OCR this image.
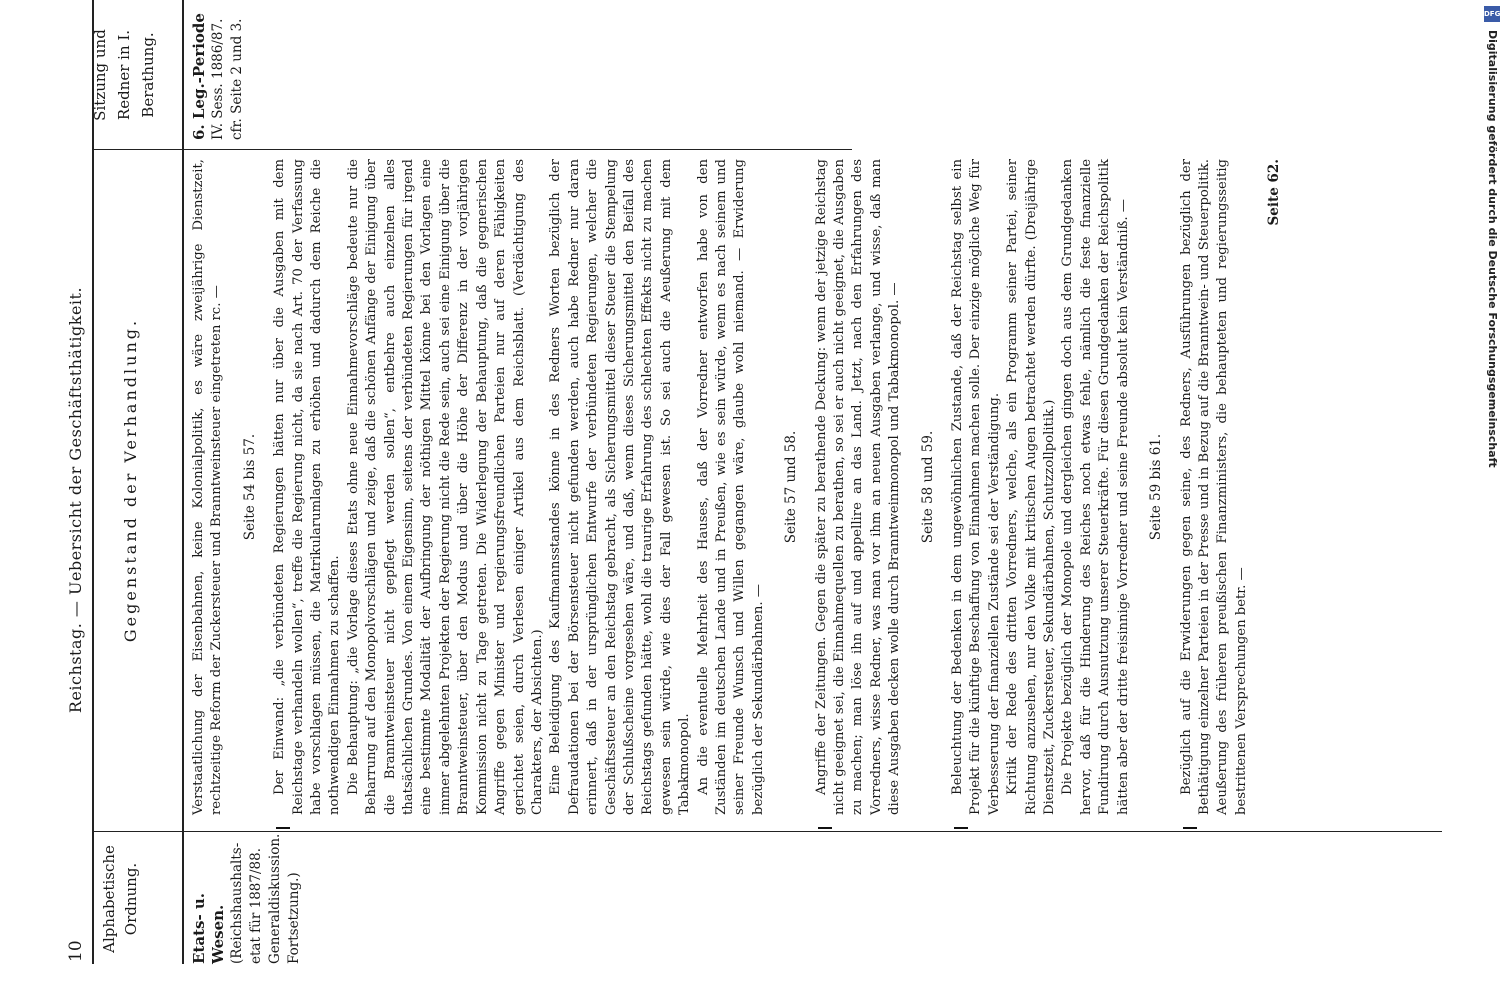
10
Reichstag. — Uebersicht der Geschäftsthätigkeit.
Alphabetische Ordnung.
Gegenstand der Verhandlung.
Sitzung und Redner in I. Berathung.
Etats- u. Wesen. (Reichshaushalts-etat für 1887/88. Generaldiskussion. Fortsetzung.)

Verstaatlichung der Eisenbahnen, keine Kolonialpolitik, es wäre zweijährige Dienstzeit, rechtzeitige Reform der Zuckersteuer und Branntweinsteuer eingetreten rc. — Seite 54 bis 57. Der Einwand: „die verbündeten Regierungen hätten nur über die Ausgaben mit dem Reichstage verhandeln wollen“, treffe die Regierung nicht, da sie nach Art. 70 der Verfassung habe vorschlagen müssen, die Matrikularumlagen zu erhöhen und dadurch dem Reiche die nothwendigen Einnahmen zu schaffen. Die Behauptung: „die Vorlage dieses Etats ohne neue Einnahmevorschläge bedeute nur die Beharrung auf den Monopolvorschlägen und zeige, daß die schönen Anfänge der Einigung über die Branntweinsteuer nicht gepflegt werden sollen“, entbehre auch einzelnen alles thatsächlichen Grundes. Von einem Eigensinn, seitens der verbündeten Regierungen für irgend eine bestimmte Modalität der Aufbringung der nöthigen Mittel könne bei den Vorlagen eine immer abgelehnten Projekten der Regierung nicht die Rede sein, auch sei eine Einigung über die Branntweinsteuer, über den Modus und über die Höhe der Differenz in der vorjährigen Kommission nicht zu Tage getreten. Die Widerlegung der Behauptung, daß die gegnerischen Angriffe gegen Minister und regierungsfreundlichen Parteien nur auf deren Fähigkeiten gerichtet seien, durch Verlesen einiger Artikel aus dem Reichsblatt. (Verdächtigung des Charakters, der Absichten.) Eine Beleidigung des Kaufmannsstandes könne in des Redners Worten bezüglich der Defraudationen bei der Börsensteuer nicht gefunden werden, auch habe Redner nur daran erinnert, daß in der ursprünglichen Entwurfe der verbündeten Regierungen, welcher die Geschäftssteuer an den Reichstag gebracht, als Sicherungsmittel dieser Steuer die Stempelung der Schlußscheine vorgesehen wäre, und daß, wenn dieses Sicherungsmittel den Beifall des Reichstags gefunden hätte, wohl die traurige Erfahrung des schlechten Effekts nicht zu machen gewesen sein würde, wie dies der Fall gewesen ist. So sei auch die Aeußerung mit dem Tabakmonopol. An die eventuelle Mehrheit des Hauses, daß der Vorredner entworfen habe von den Zuständen im deutschen Lande und in Preußen, wie es sein würde, wenn es nach seinem und seiner Freunde Wunsch und Willen gegangen wäre, glaube wohl niemand. — Erwiderung bezüglich der Sekundärbahnen. —

Seite 57 und 58. Angriffe der Zeitungen. Gegen die später zu berathende Deckung: wenn der jetzige Reichstag nicht geeignet sei, die Einnahmequellen zu berathen, so sei er auch nicht geeignet, die Ausgaben zu machen; man löse ihn auf und appellire an das Land. Jetzt, nach den Erfahrungen des Vorredners, wisse Redner, was man vor ihm an neuen Ausgaben verlange, und wisse, daß man diese Ausgaben decken wolle durch Branntweinmonopol und Tabakmonopol. — Seite 58 und 59. Beleuchtung der Bedenken in dem ungewöhnlichen Zustande, daß der Reichstag selbst ein Projekt für die künftige Beschaffung von Einnahmen machen solle. Der einzige mögliche Weg für Verbesserung der finanziellen Zustände sei der Verständigung. Kritik der Rede des dritten Vorredners, welche, als ein Programm seiner Partei, seiner Richtung anzusehen, nur den Volke mit kritischen Augen betrachtet werden dürfte. (Dreijährige Dienstzeit, Zuckersteuer, Sekundärbahnen, Schutzzollpolitik.) Die Projekte bezüglich der Monopole und dergleichen gingen doch aus dem Grundgedanken hervor, daß für die Hinderung des Reiches noch etwas fehle, nämlich die feste finanzielle Fundirung durch Ausnutzung unserer Steuerkräfte. Für diesen Grundgedanken der Reichspolitik hätten aber der dritte freisinnige Vorredner und seine Freunde absolut kein Verständniß. — Seite 59 bis 61. Bezüglich auf die Erwiderungen gegen seine, des Redners, Ausführungen bezüglich der Bethätigung einzelner Parteien in der Presse und in Bezug auf die Branntwein- und Steuerpolitik. Aeußerung des früheren preußischen Finanzministers, die behaupteten und regierungsseitig bestrittenen Versprechungen betr. —

Seite 62.

6. Leg.-Periode IV. Sess. 1886/87. cfr. Seite 2 und 3.
DFG
Digitalisierung gefördert durch die Deutsche Forschungsgemeinschaft
